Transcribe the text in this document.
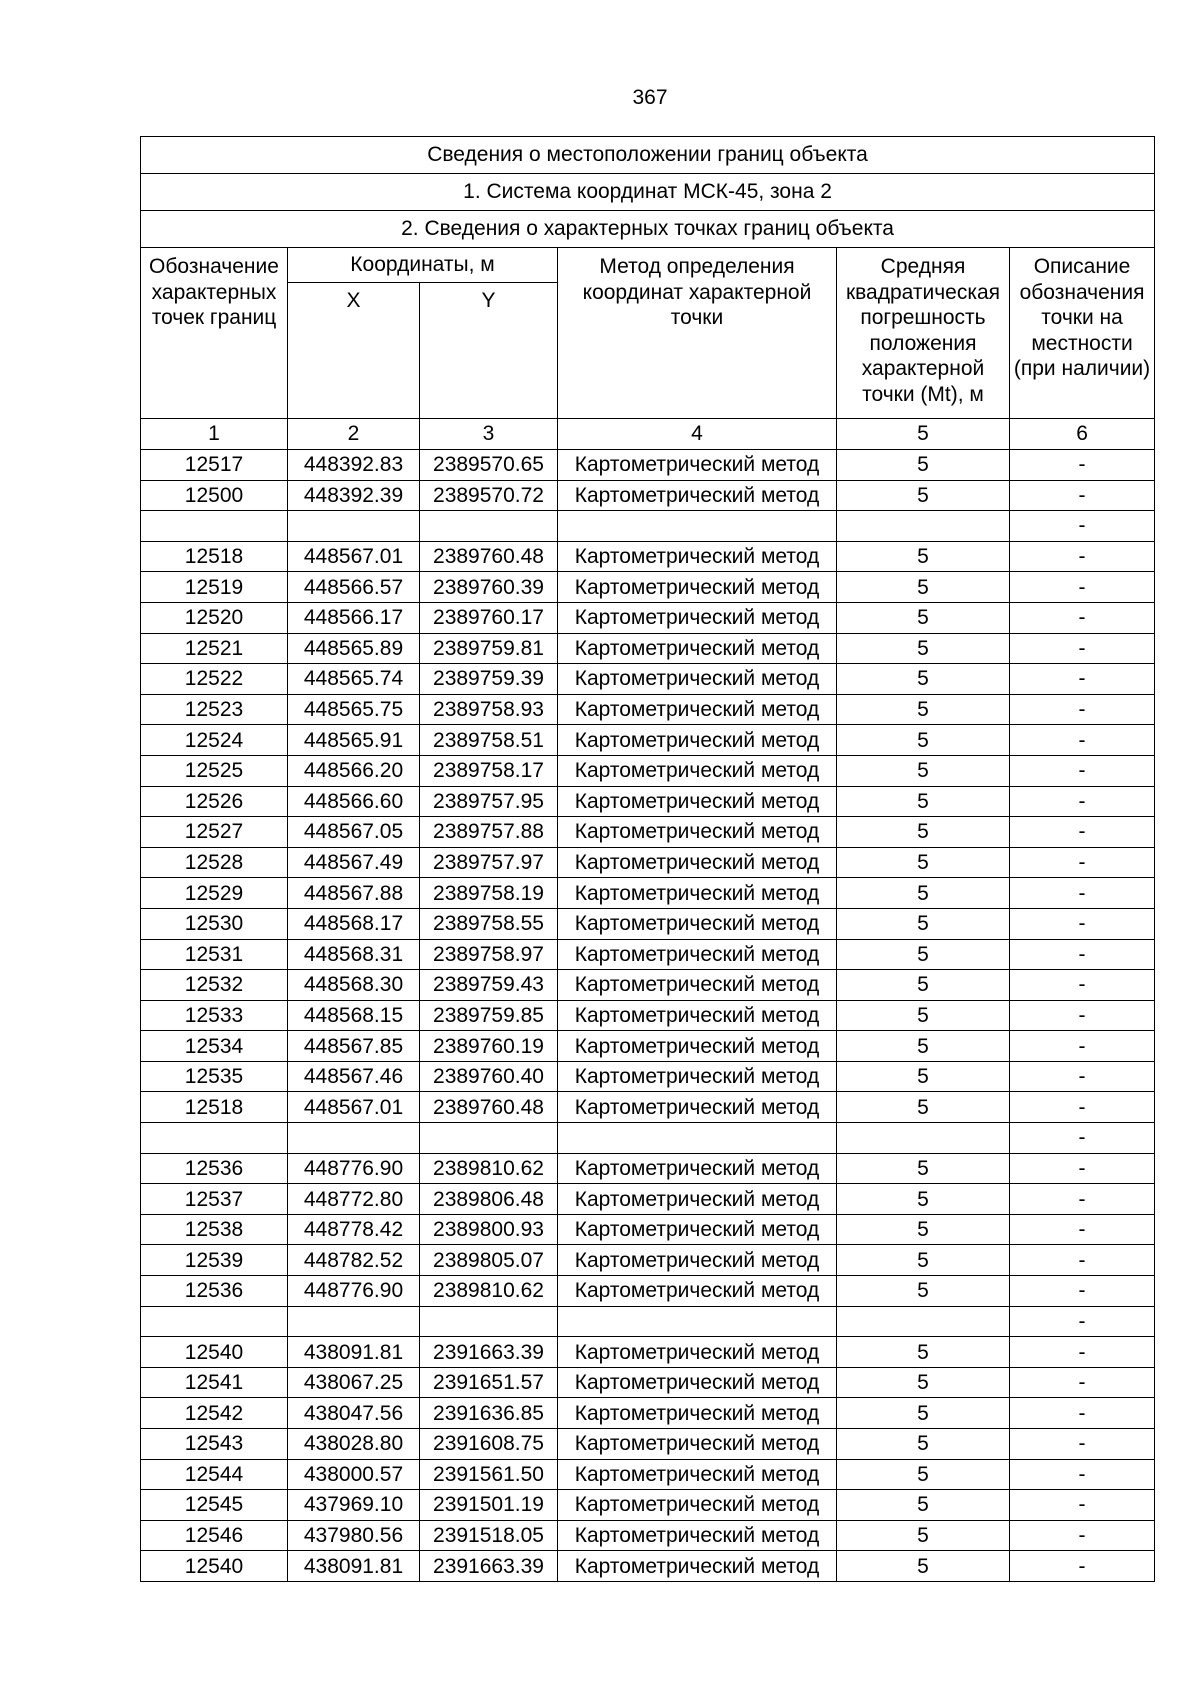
367
Сведения о местоположении границ объекта					
1. Система координат МСК-45, зона 2					
2. Сведения о характерных точках границ объекта					
Обозначение характерных точек границ	Координаты, м		Метод определения координат характерной точки	Средняя квадратическая погрешность положения характерной точки (Mt), м	Описание обозначения точки на местности (при наличии)
	X	Y			
1	2	3	4	5	6
12517	448392.83	2389570.65	Картометрический метод	5	-
12500	448392.39	2389570.72	Картометрический метод	5	-
					-
12518	448567.01	2389760.48	Картометрический метод	5	-
12519	448566.57	2389760.39	Картометрический метод	5	-
12520	448566.17	2389760.17	Картометрический метод	5	-
12521	448565.89	2389759.81	Картометрический метод	5	-
12522	448565.74	2389759.39	Картометрический метод	5	-
12523	448565.75	2389758.93	Картометрический метод	5	-
12524	448565.91	2389758.51	Картометрический метод	5	-
12525	448566.20	2389758.17	Картометрический метод	5	-
12526	448566.60	2389757.95	Картометрический метод	5	-
12527	448567.05	2389757.88	Картометрический метод	5	-
12528	448567.49	2389757.97	Картометрический метод	5	-
12529	448567.88	2389758.19	Картометрический метод	5	-
12530	448568.17	2389758.55	Картометрический метод	5	-
12531	448568.31	2389758.97	Картометрический метод	5	-
12532	448568.30	2389759.43	Картометрический метод	5	-
12533	448568.15	2389759.85	Картометрический метод	5	-
12534	448567.85	2389760.19	Картометрический метод	5	-
12535	448567.46	2389760.40	Картометрический метод	5	-
12518	448567.01	2389760.48	Картометрический метод	5	-
					-
12536	448776.90	2389810.62	Картометрический метод	5	-
12537	448772.80	2389806.48	Картометрический метод	5	-
12538	448778.42	2389800.93	Картометрический метод	5	-
12539	448782.52	2389805.07	Картометрический метод	5	-
12536	448776.90	2389810.62	Картометрический метод	5	-
					-
12540	438091.81	2391663.39	Картометрический метод	5	-
12541	438067.25	2391651.57	Картометрический метод	5	-
12542	438047.56	2391636.85	Картометрический метод	5	-
12543	438028.80	2391608.75	Картометрический метод	5	-
12544	438000.57	2391561.50	Картометрический метод	5	-
12545	437969.10	2391501.19	Картометрический метод	5	-
12546	437980.56	2391518.05	Картометрический метод	5	-
12540	438091.81	2391663.39	Картометрический метод	5	-
